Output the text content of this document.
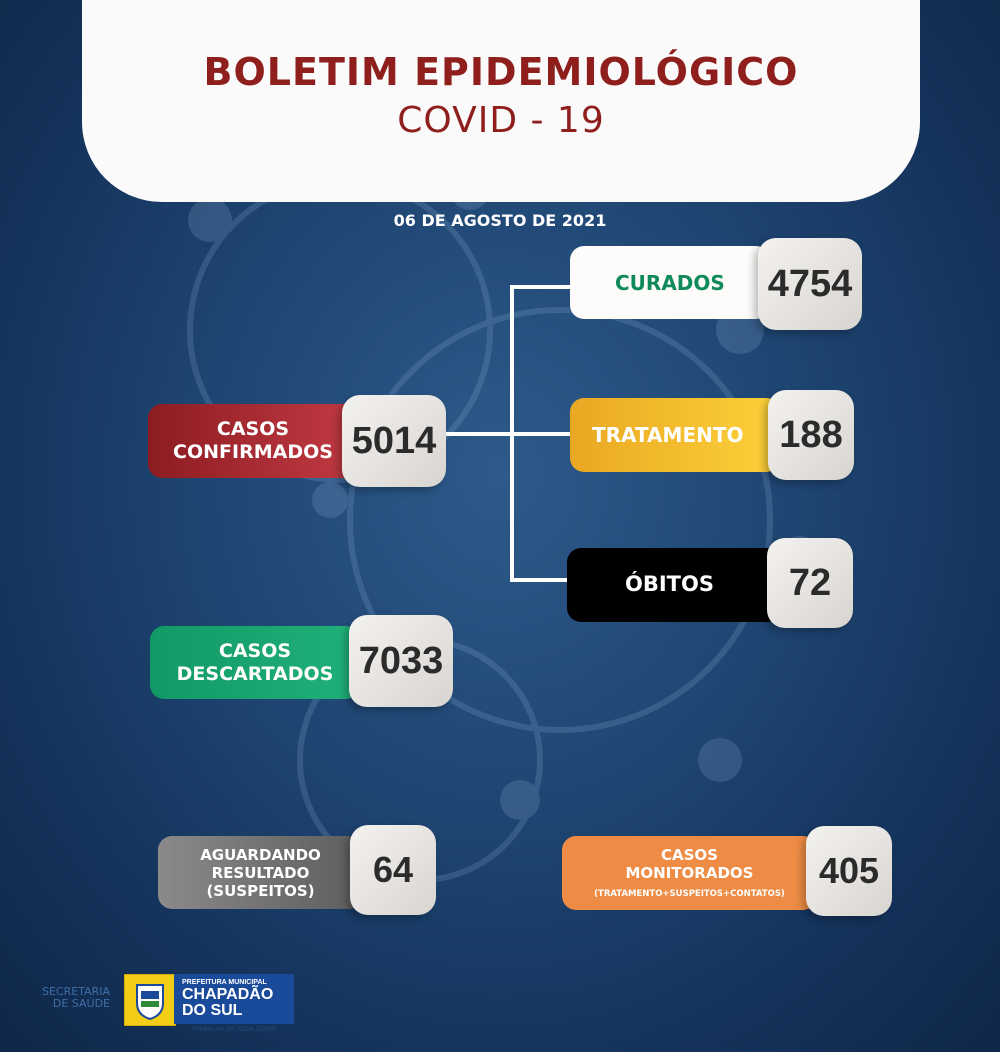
BOLETIM EPIDEMIOLÓGICO
COVID - 19
06 DE AGOSTO DE 2021
CASOS
CONFIRMADOS 5014
CURADOS 4754
TRATAMENTO 188
ÓBITOS	72
CASOS
DESCARTADOS 7033
AGUARDANDO
RESULTADO
(SUSPEITOS)
64	CASOS
MONITORADOS
(TRATAMENTO+SUSPEITOS+CONTATOS)
405
SECRETARIA
DE SAÚDE
PREFEITURA MUNICIPAL
CHAPADÃO
DO SUL
TRABALHO DE TODA GENTE
